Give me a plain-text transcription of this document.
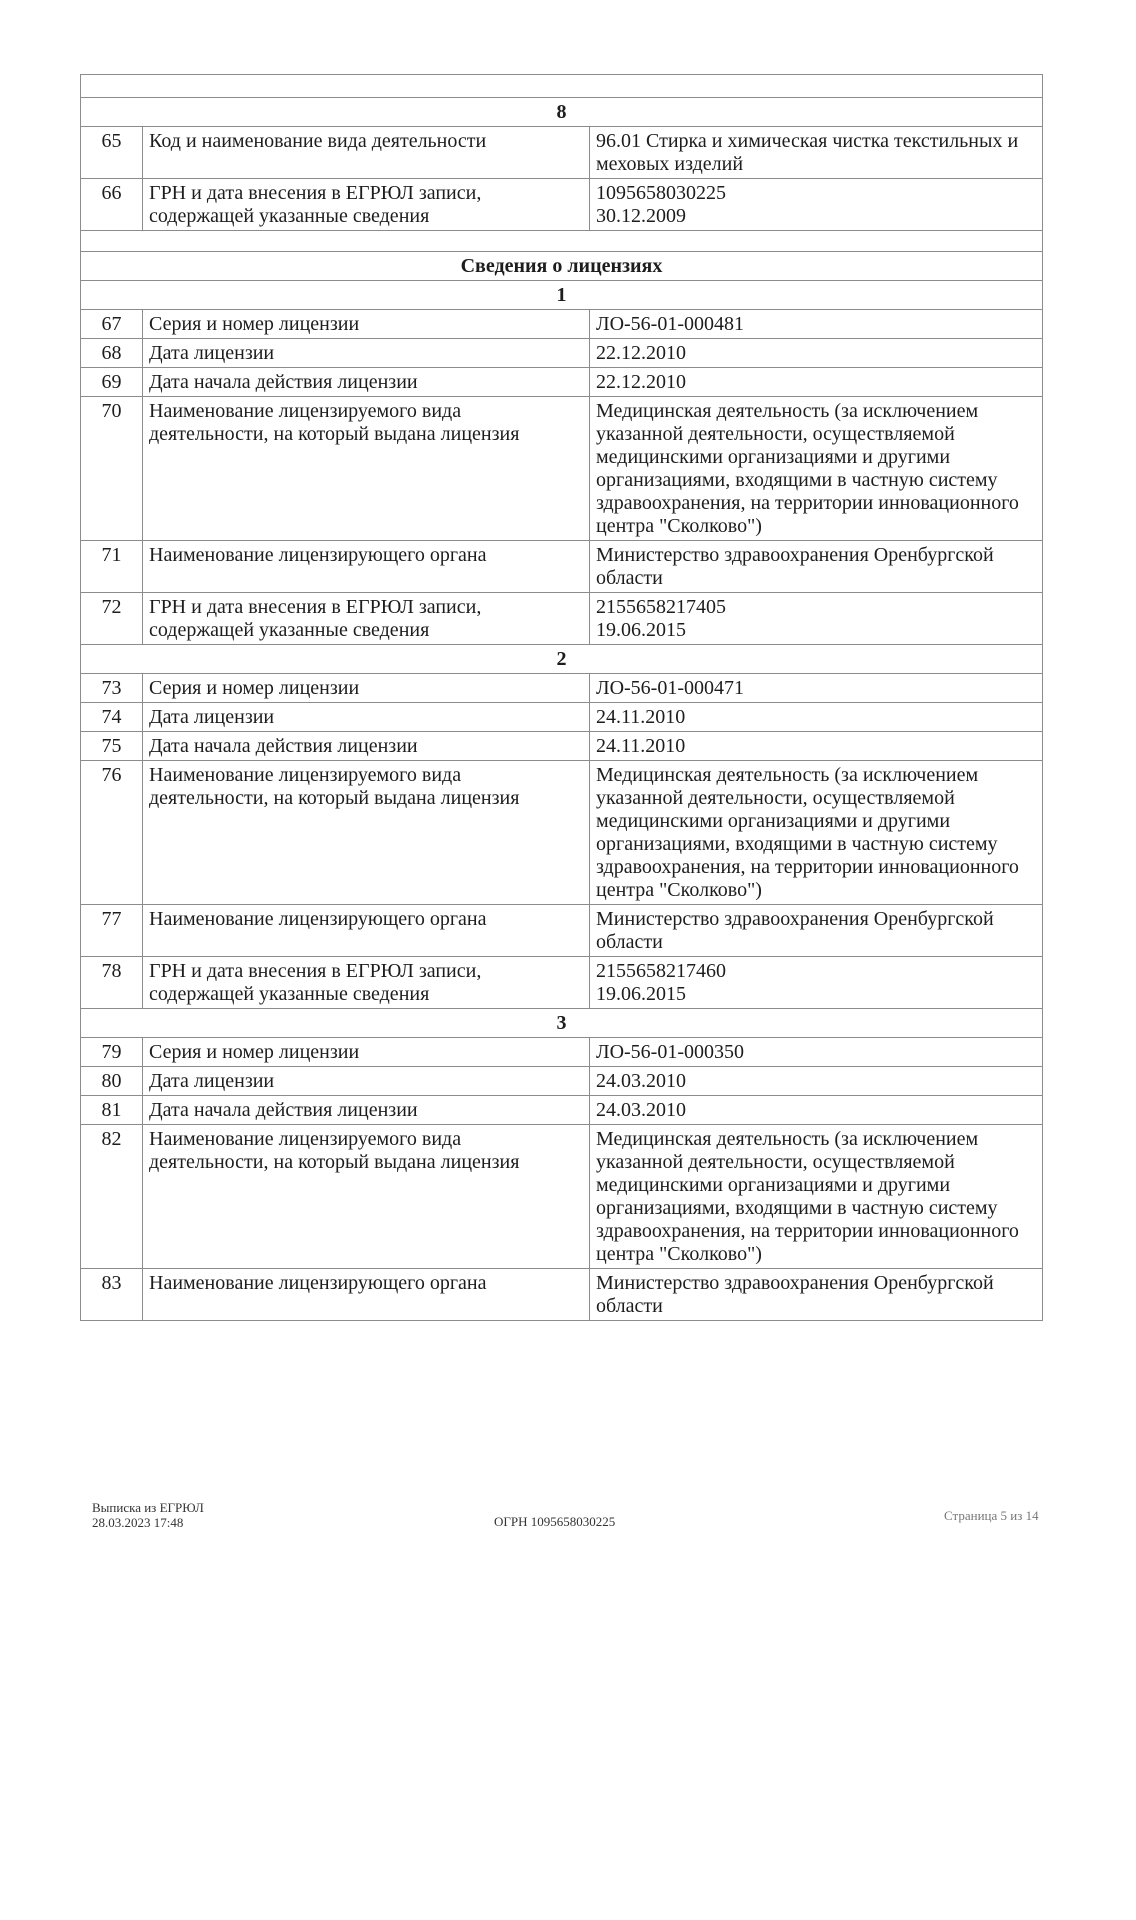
8		
65	Код и наименование вида деятельности	96.01 Стирка и химическая чистка текстильных и меховых изделий
66	ГРН и дата внесения в ЕГРЮЛ записи, содержащей указанные сведения	1095658030225
30.12.2009

Сведения о лицензиях		
1		
67	Серия и номер лицензии	ЛО-56-01-000481
68	Дата лицензии	22.12.2010
69	Дата начала действия лицензии	22.12.2010
70	Наименование лицензируемого вида деятельности, на который выдана лицензия	Медицинская деятельность (за исключением указанной деятельности, осуществляемой медицинскими организациями и другими организациями, входящими в частную систему здравоохранения, на территории инновационного центра "Сколково")
71	Наименование лицензирующего органа	Министерство здравоохранения Оренбургской области
72	ГРН и дата внесения в ЕГРЮЛ записи, содержащей указанные сведения	2155658217405
19.06.2015
2		
73	Серия и номер лицензии	ЛО-56-01-000471
74	Дата лицензии	24.11.2010
75	Дата начала действия лицензии	24.11.2010
76	Наименование лицензируемого вида деятельности, на который выдана лицензия	Медицинская деятельность (за исключением указанной деятельности, осуществляемой медицинскими организациями и другими организациями, входящими в частную систему здравоохранения, на территории инновационного центра "Сколково")
77	Наименование лицензирующего органа	Министерство здравоохранения Оренбургской области
78	ГРН и дата внесения в ЕГРЮЛ записи, содержащей указанные сведения	2155658217460
19.06.2015
3		
79	Серия и номер лицензии	ЛО-56-01-000350
80	Дата лицензии	24.03.2010
81	Дата начала действия лицензии	24.03.2010
82	Наименование лицензируемого вида деятельности, на который выдана лицензия	Медицинская деятельность (за исключением указанной деятельности, осуществляемой медицинскими организациями и другими организациями, входящими в частную систему здравоохранения, на территории инновационного центра "Сколково")
83	Наименование лицензирующего органа	Министерство здравоохранения Оренбургской области
Выписка из ЕГРЮЛ
28.03.2023 17:48	ОГРН 1095658030225	Страница 5 из 14
